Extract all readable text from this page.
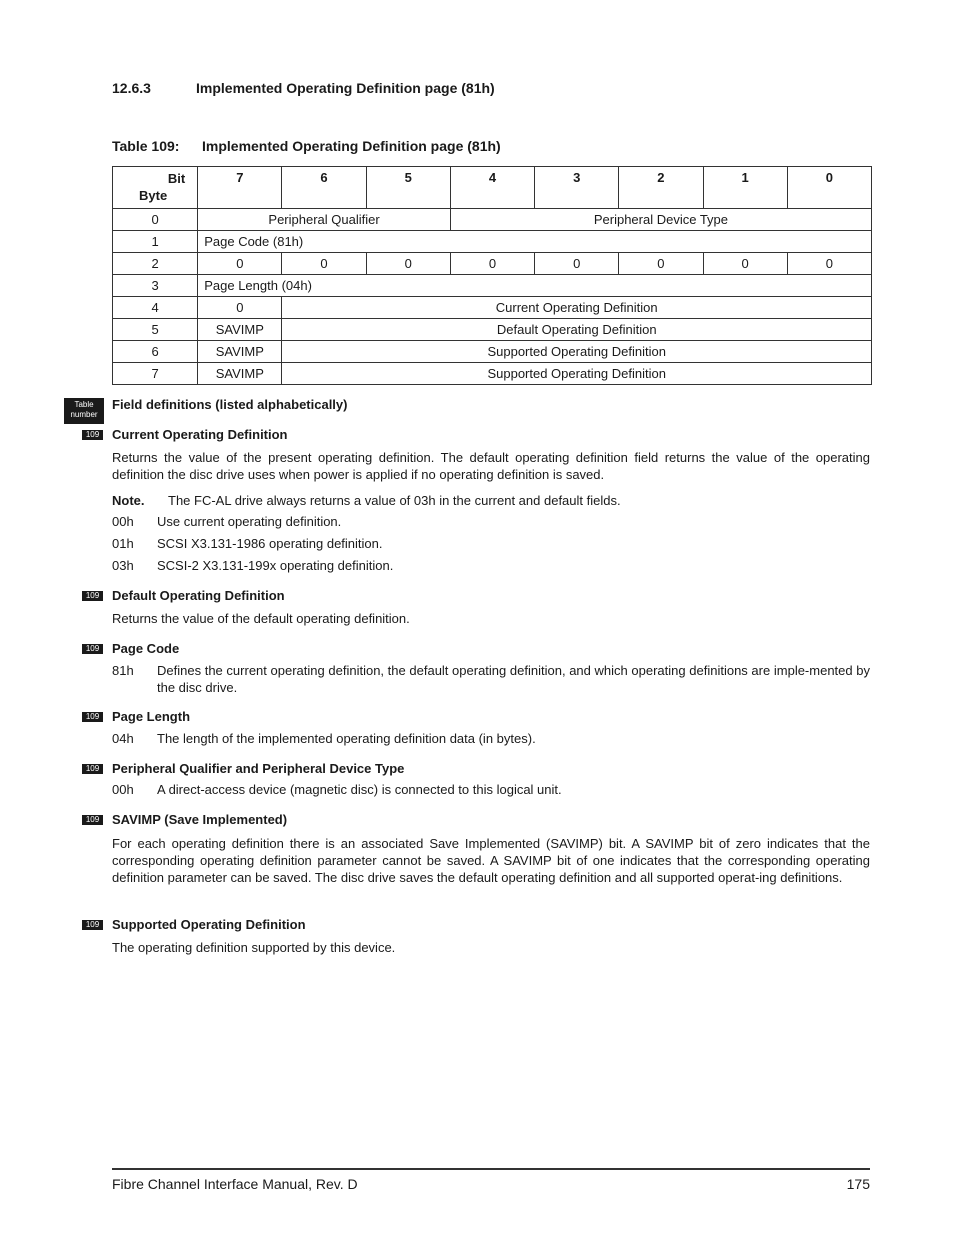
12.6.3	Implemented Operating Definition page (81h)
Table 109: Implemented Operating Definition page (81h)
Bit
Byte	7	6	5	4	3	2	1	0
0	Peripheral Qualifier			Peripheral Device Type				
1	Page Code (81h)							
2	0	0	0	0	0	0	0	0
3	Page Length (04h)							
4	0	Current Operating Definition						
5	SAVIMP	Default Operating Definition						
6	SAVIMP	Supported Operating Definition						
7	SAVIMP	Supported Operating Definition						
Table
number
Field definitions (listed alphabetically)
109 Current Operating Definition
Returns the value of the present operating definition. The default operating definition field returns the value of the operating definition the disc drive uses when power is applied if no operating definition is saved.
Note. The FC-AL drive always returns a value of 03h in the current and default fields.
00h Use current operating definition.
01h SCSI X3.131-1986 operating definition.
03h SCSI-2 X3.131-199x operating definition.
109 Default Operating Definition
Returns the value of the default operating definition.
109 Page Code
81h Defines the current operating definition, the default operating definition, and which operating definitions are imple-mented by the disc drive.
109 Page Length
04h The length of the implemented operating definition data (in bytes).
109 Peripheral Qualifier and Peripheral Device Type
00h A direct-access device (magnetic disc) is connected to this logical unit.
109 SAVIMP (Save Implemented)
For each operating definition there is an associated Save Implemented (SAVIMP) bit. A SAVIMP bit of zero indicates that the corresponding operating definition parameter cannot be saved. A SAVIMP bit of one indicates that the corresponding operating definition parameter can be saved. The disc drive saves the default operating definition and all supported operat-ing definitions.
109 Supported Operating Definition
The operating definition supported by this device.
Fibre Channel Interface Manual, Rev. D	175
